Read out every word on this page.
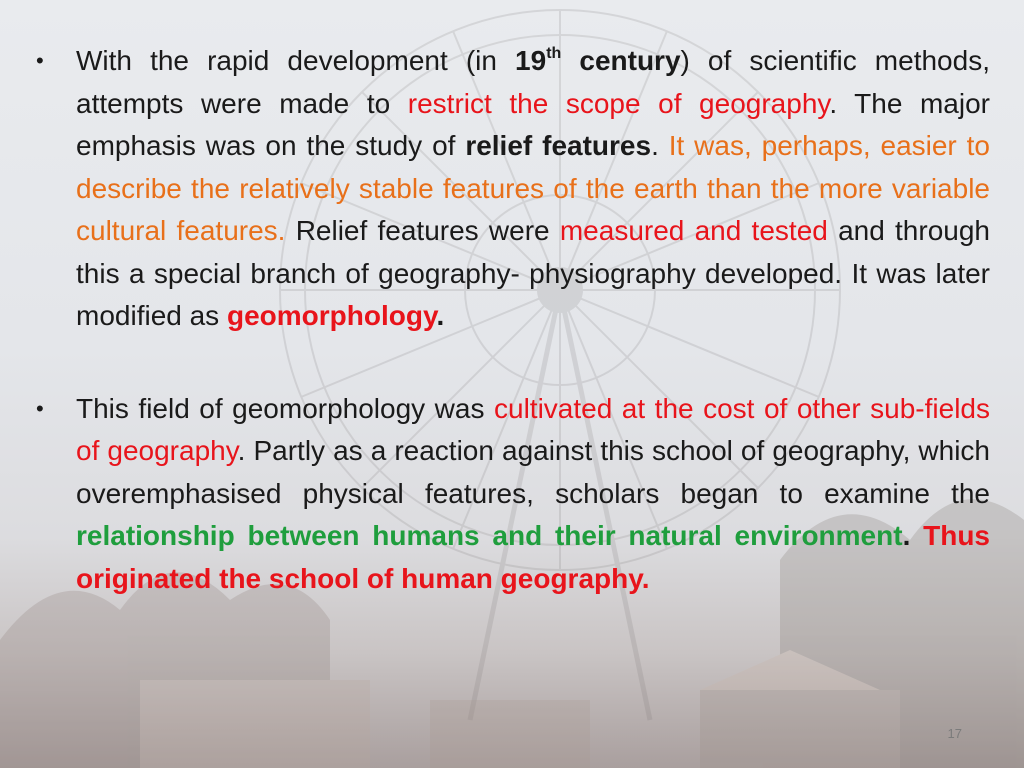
•	With the rapid development (in 19th century) of scientific methods, attempts were made to restrict the scope of geography. The major emphasis was on the study of relief features. It was, perhaps, easier to describe the relatively stable features of the earth than the more variable cultural features. Relief features were measured and tested and through this a special branch of geography- physiography developed. It was later modified as geomorphology.
•	This field of geomorphology was cultivated at the cost of other sub-fields of geography. Partly as a reaction against this school of geography, which overemphasised physical features, scholars began to examine the relationship between humans and their natural environment. Thus originated the school of human geography.
17
